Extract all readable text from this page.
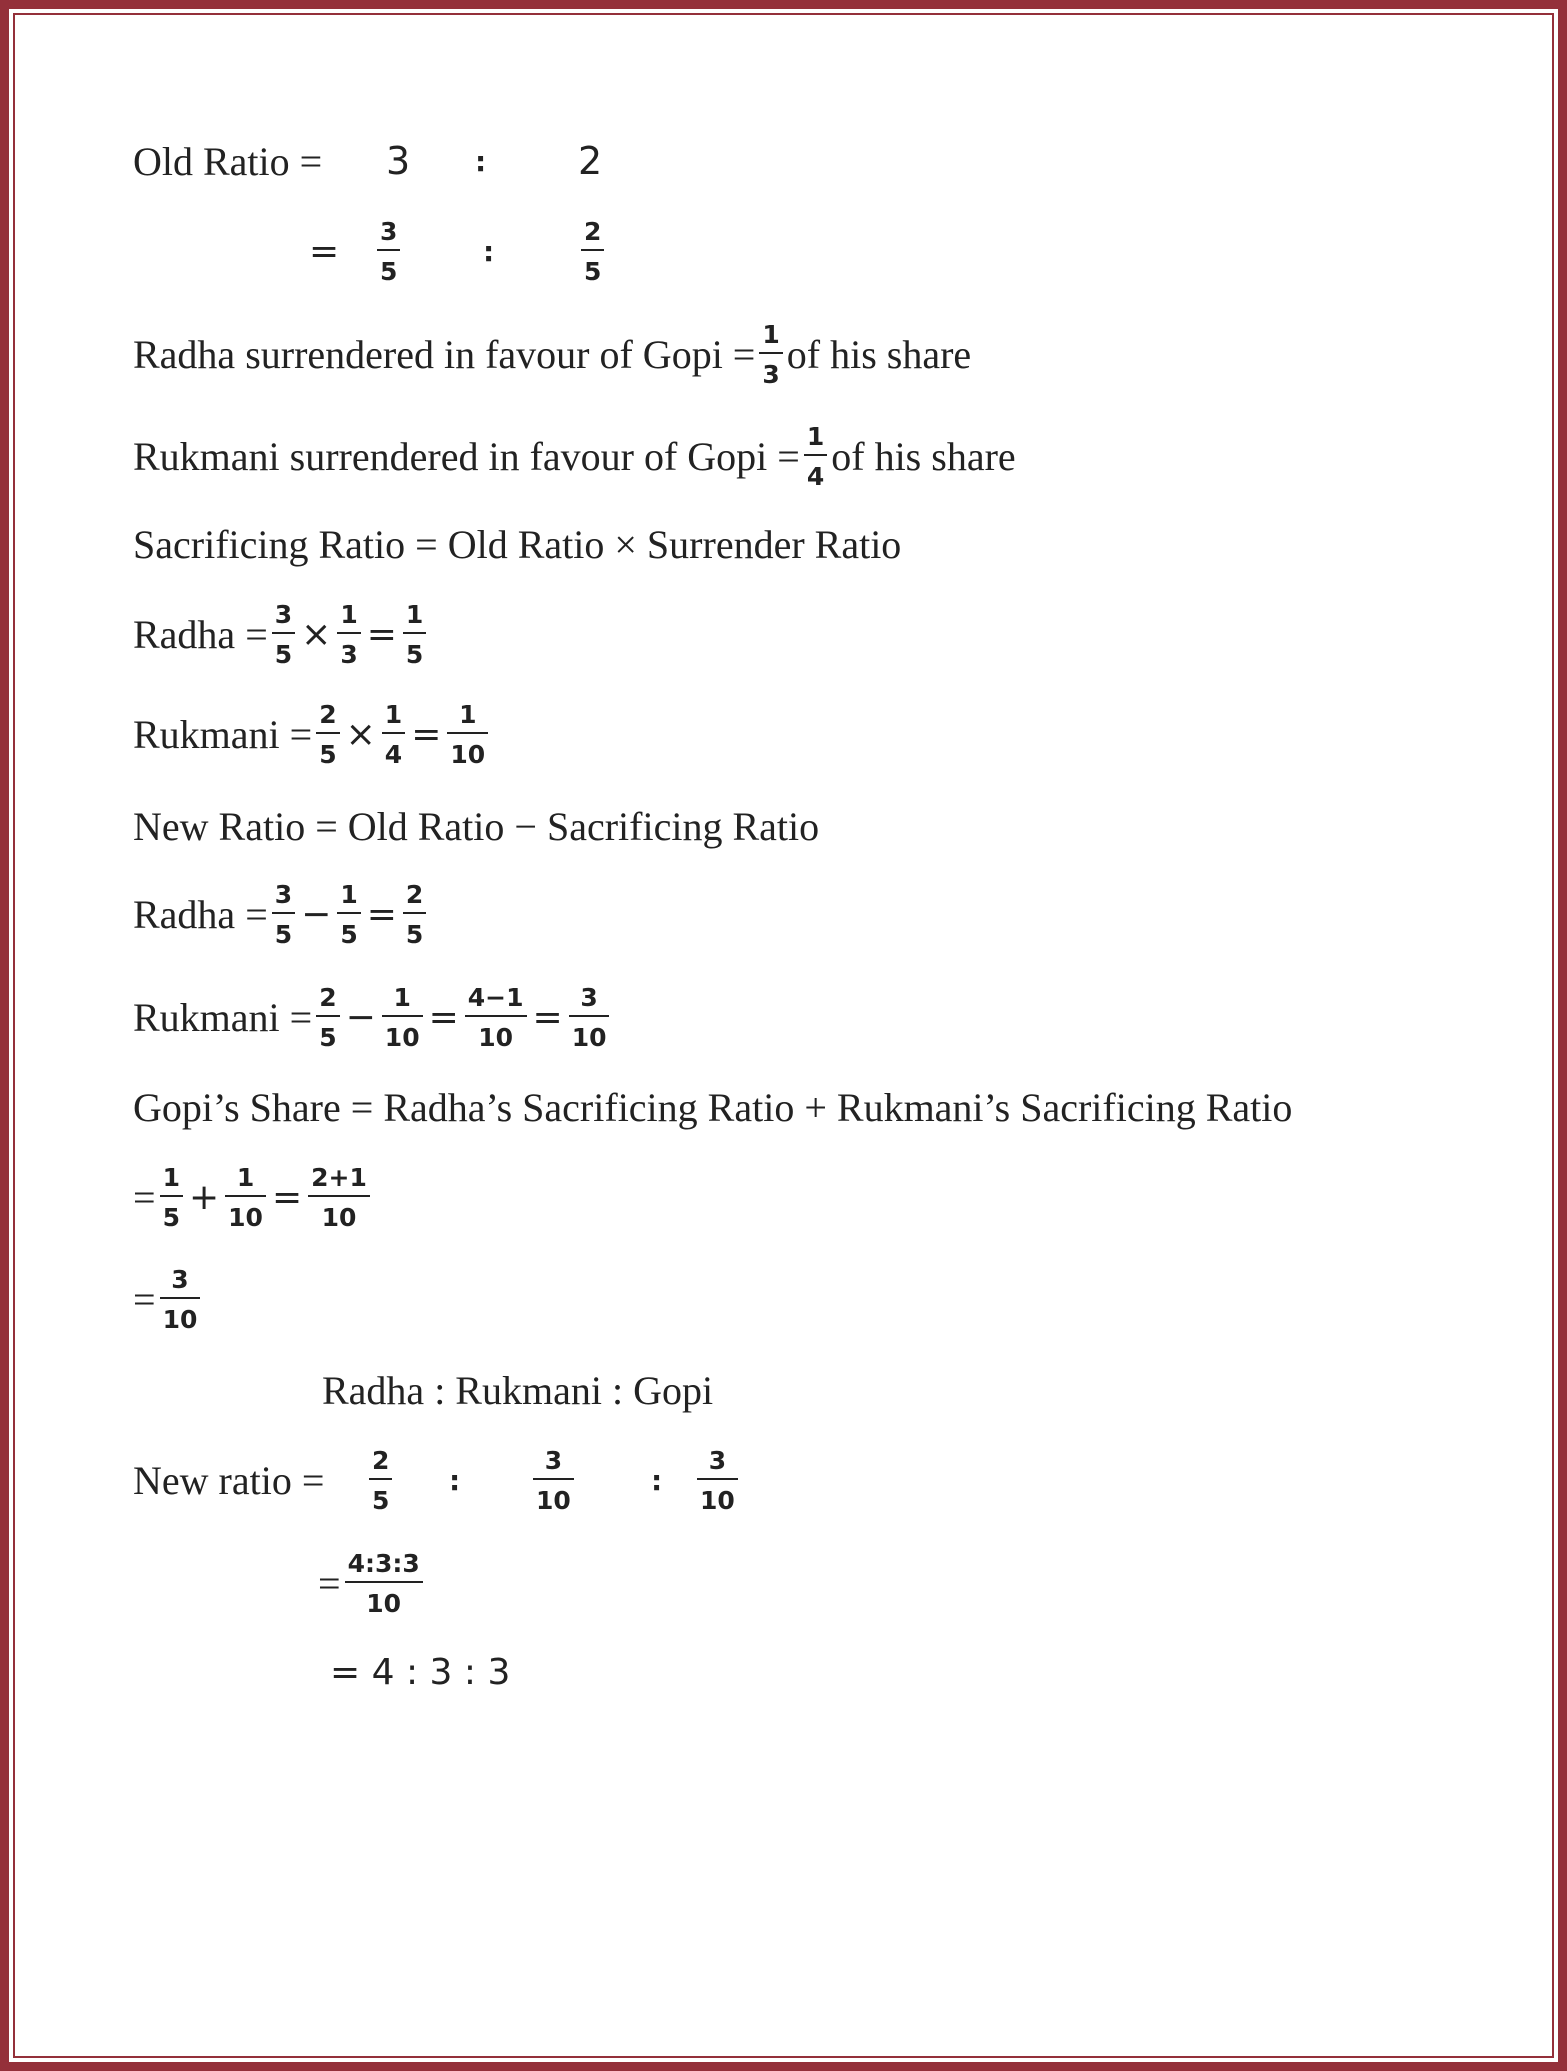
Old Ratio = 3 : 2
= $\frac{3}{5}$	:	$\frac{2}{5}$
Radha surrendered in favour of Gopi = $\frac{1}{3}$ of his share
Rukmani surrendered in favour of Gopi = $\frac{1}{4}$ of his share
Sacrificing Ratio = Old Ratio × Surrender Ratio
Radha = $\frac{3}{5} \times \frac{1}{3} = \frac{1}{5}$
Rukmani = $\frac{2}{5} \times \frac{1}{4} = \frac{1}{10}$
New Ratio = Old Ratio − Sacrificing Ratio
Radha = $\frac{3}{5} - \frac{1}{5} = \frac{2}{5}$
Rukmani = $\frac{2}{5} - \frac{1}{10} = \frac{4-1}{10} = \frac{3}{10}$
Gopi’s Share = Radha’s Sacrificing Ratio + Rukmani’s Sacrificing Ratio
= $\frac{1}{5} + \frac{1}{10} = \frac{2+1}{10}$
= $\frac{3}{10}$
Radha : Rukmani : Gopi
New ratio = $\frac{2}{5}$ :	$\frac{3}{10}$	: $\frac{3}{10}$
= $\frac{4:3:3}{10}$
= 4 : 3 : 3
